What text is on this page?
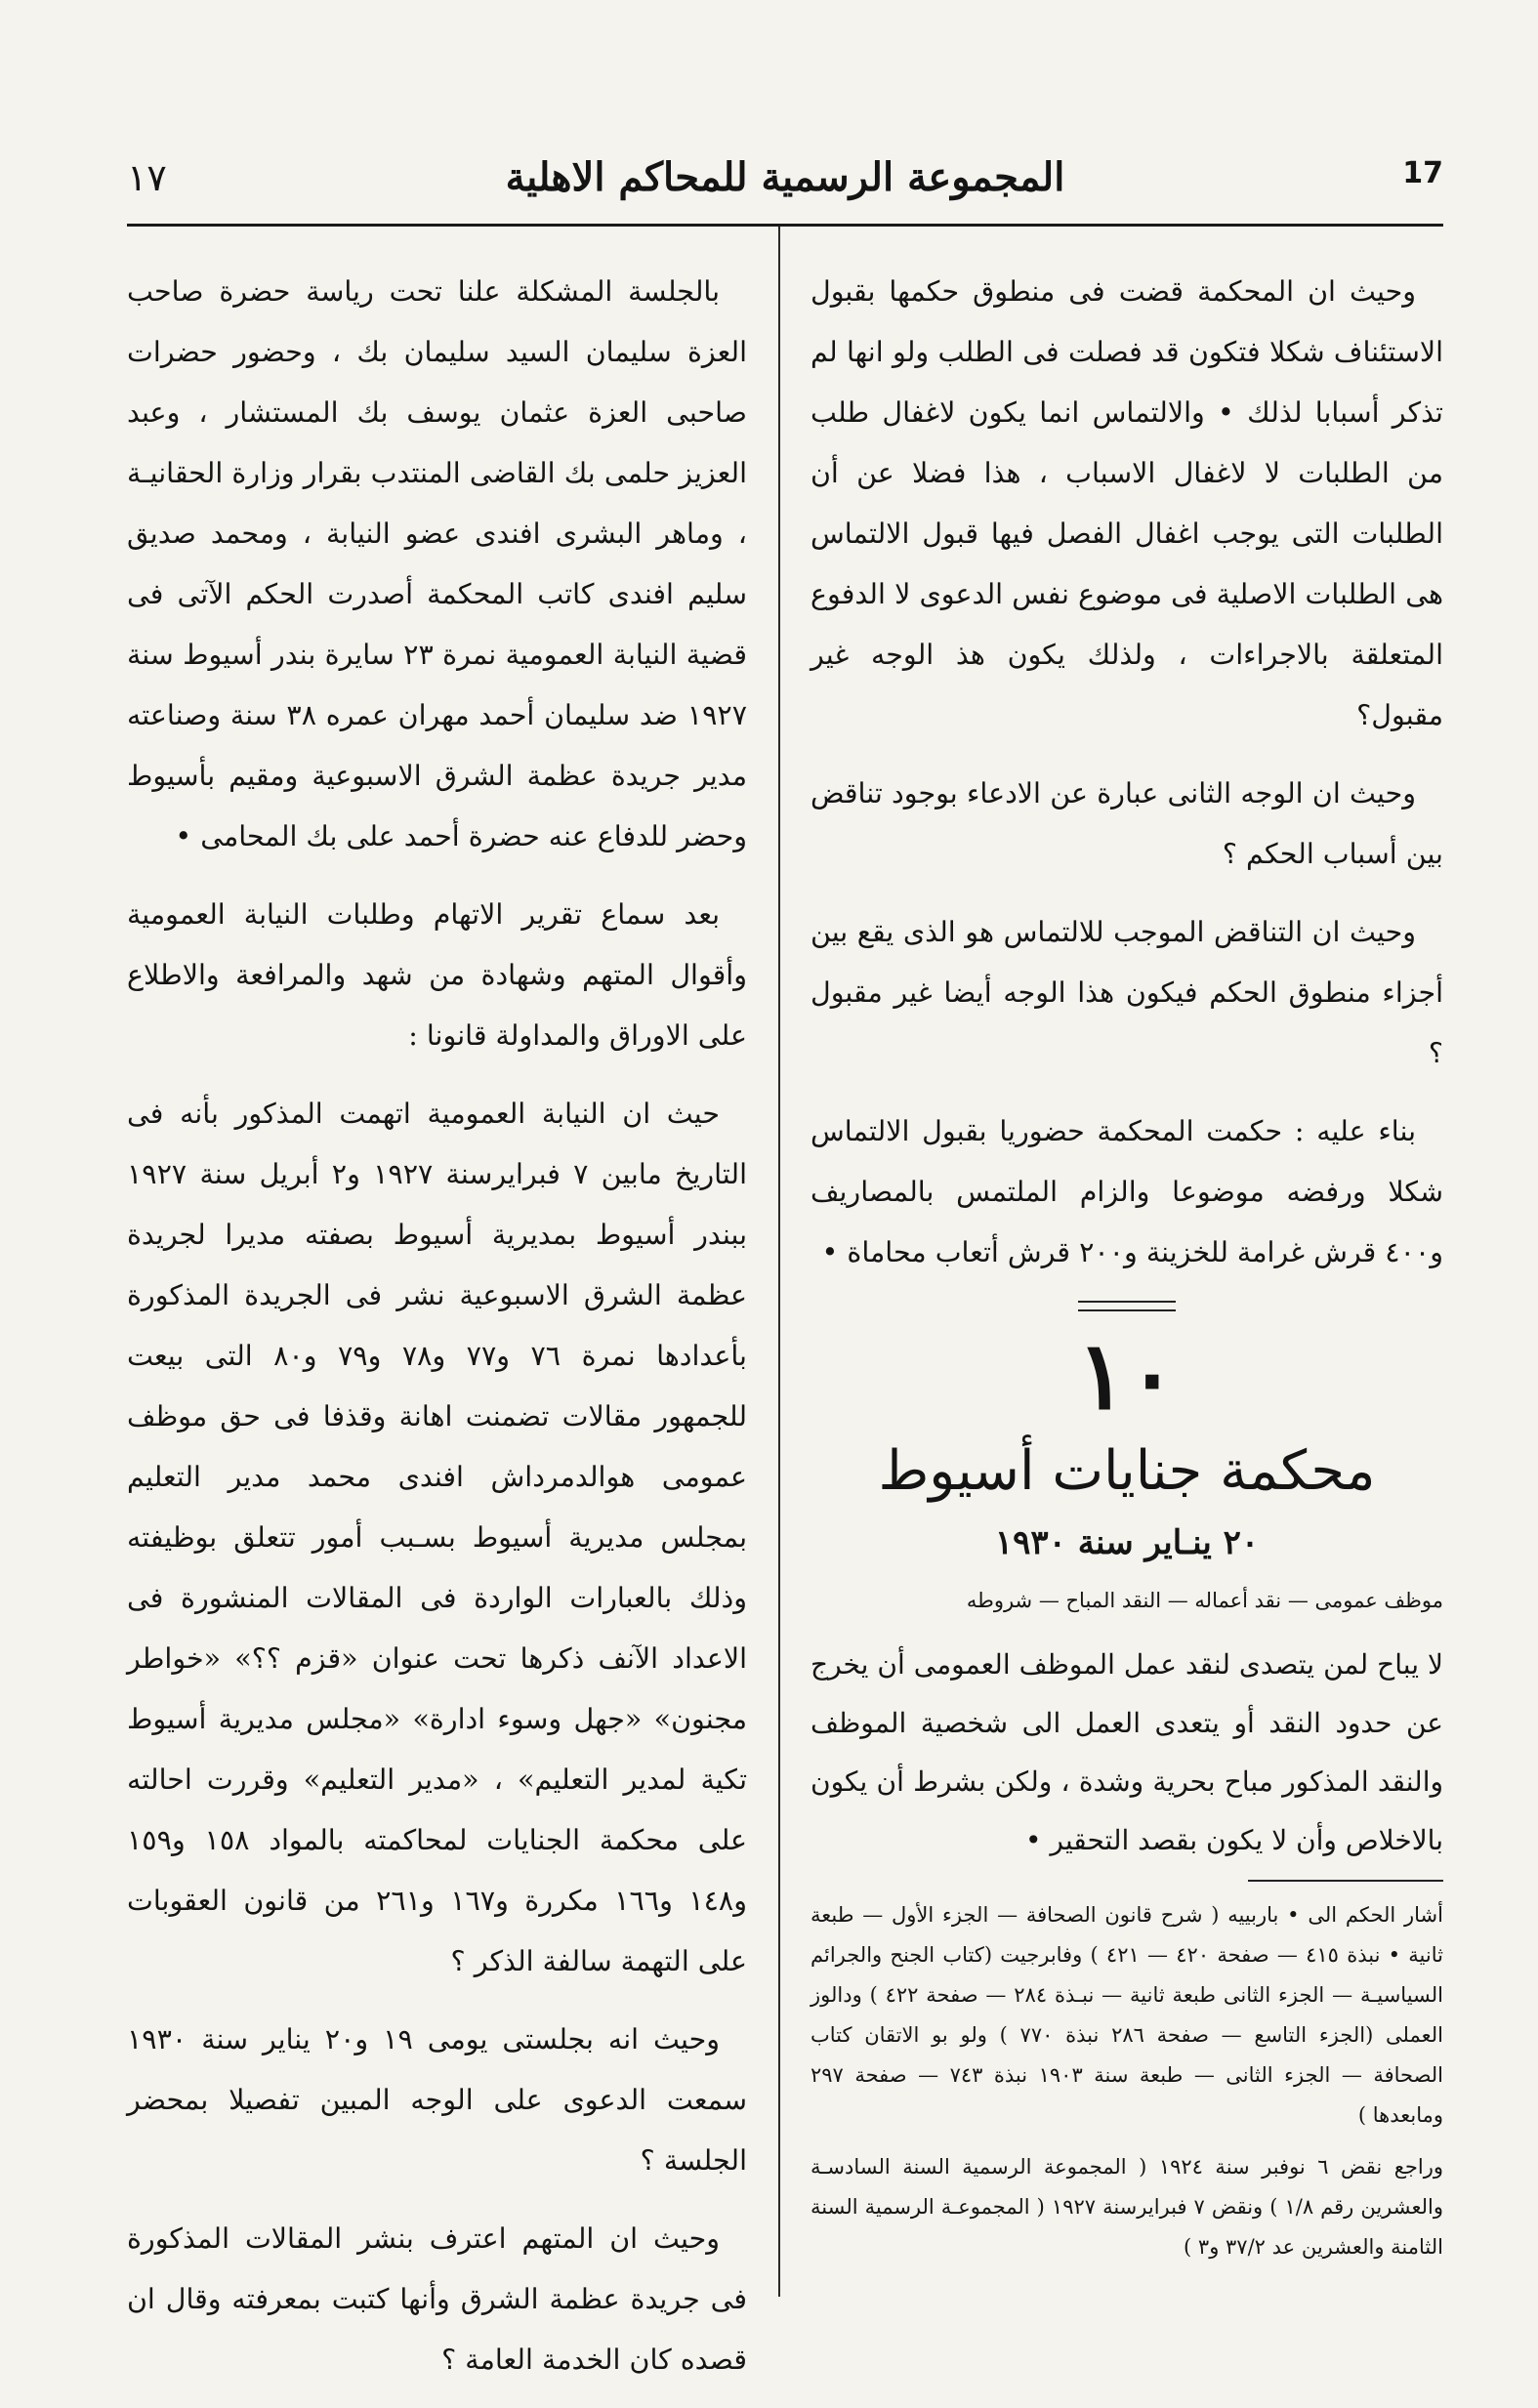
١٧	المجموعة الرسمية للمحاكم الاهلية	17

وحيث ان المحكمة قضت فى منطوق حكمها بقبول الاستئناف شكلا فتكون قد فصلت فى الطلب ولو انها لم تذكر أسبابا لذلك • والالتماس انما يكون لاغفال طلب من الطلبات لا لاغفال الاسباب ، هذا فضلا عن أن الطلبات التى يوجب اغفال الفصل فيها قبول الالتماس هى الطلبات الاصلية فى موضوع نفس الدعوى لا الدفوع المتعلقة بالاجراءات ، ولذلك يكون هذ الوجه غير مقبول؟

وحيث ان الوجه الثانى عبارة عن الادعاء بوجود تناقض بين أسباب الحكم ؟

وحيث ان التناقض الموجب للالتماس هو الذى يقع بين أجزاء منطوق الحكم فيكون هذا الوجه أيضا غير مقبول ؟

بناء عليه : حكمت المحكمة حضوريا بقبول الالتماس شكلا ورفضه موضوعا والزام الملتمس بالمصاريف و٤٠٠ قرش غرامة للخزينة و٢٠٠ قرش أتعاب محاماة •

١٠
محكمة جنايات أسيوط
٢٠ ينـاير سنة ١٩٣٠
موظف عمومى — نقد أعماله — النقد المباح — شروطه

لا يباح لمن يتصدى لنقد عمل الموظف العمومى أن يخرج عن حدود النقد أو يتعدى العمل الى شخصية الموظف والنقد المذكور مباح بحرية وشدة ، ولكن بشرط أن يكون بالاخلاص وأن لا يكون بقصد التحقير •

أشار الحكم الى • باربييه ( شرح قانون الصحافة — الجزء الأول — طبعة ثانية • نبذة ٤١٥ — صفحة ٤٢٠ — ٤٢١ ) وفابرجيت (كتاب الجنح والجرائم السياسيـة — الجزء الثانى طبعة ثانية — نبـذة ٢٨٤ — صفحة ٤٢٢ ) ودالوز العملى (الجزء التاسع — صفحة ٢٨٦ نبذة ٧٧٠ ) ولو بو الاتقان كتاب الصحافة — الجزء الثانى — طبعة سنة ١٩٠٣ نبذة ٧٤٣ — صفحة ٢٩٧ ومابعدها )

وراجع نقض ٦ نوفبر سنة ١٩٢٤ ( المجموعة الرسمية السنة السادسـة والعشرين رقم ١/٨ ) ونقض ٧ فبرايرسنة ١٩٢٧ ( المجموعـة الرسمية السنة الثامنة والعشرين عد ٣٧/٢ و٣ )

بالجلسة المشكلة علنا تحت رياسة حضرة صاحب العزة سليمان السيد سليمان بك ، وحضور حضرات صاحبى العزة عثمان يوسف بك المستشار ، وعبد العزيز حلمى بك القاضى المنتدب بقرار وزارة الحقانيـة ، وماهر البشرى افندى عضو النيابة ، ومحمد صديق سليم افندى كاتب المحكمة أصدرت الحكم الآتى فى قضية النيابة العمومية نمرة ٢٣ سايرة بندر أسيوط سنة ١٩٢٧ ضد سليمان أحمد مهران عمره ٣٨ سنة وصناعته مدير جريدة عظمة الشرق الاسبوعية ومقيم بأسيوط وحضر للدفاع عنه حضرة أحمد على بك المحامى •

بعد سماع تقرير الاتهام وطلبات النيابة العمومية وأقوال المتهم وشهادة من شهد والمرافعة والاطلاع على الاوراق والمداولة قانونا :

حيث ان النيابة العمومية اتهمت المذكور بأنه فى التاريخ مابين ٧ فبرايرسنة ١٩٢٧ و٢ أبريل سنة ١٩٢٧ ببندر أسيوط بمديرية أسيوط بصفته مديرا لجريدة عظمة الشرق الاسبوعية نشر فى الجريدة المذكورة بأعدادها نمرة ٧٦ و٧٧ و٧٨ و٧٩ و٨٠ التى بيعت للجمهور مقالات تضمنت اهانة وقذفا فى حق موظف عمومى هوالدمرداش افندى محمد مدير التعليم بمجلس مديرية أسيوط بسـبب أمور تتعلق بوظيفته وذلك بالعبارات الواردة فى المقالات المنشورة فى الاعداد الآنف ذكرها تحت عنوان «قزم ؟؟» «خواطر مجنون» «جهل وسوء ادارة» «مجلس مديرية أسيوط تكية لمدير التعليم» ، «مدير التعليم» وقررت احالته على محكمة الجنايات لمحاكمته بالمواد ١٥٨ و١٥٩ و١٤٨ و١٦٦ مكررة و١٦٧ و٢٦١ من قانون العقوبات على التهمة سالفة الذكر ؟

وحيث انه بجلستى يومى ١٩ و٢٠ يناير سنة ١٩٣٠ سمعت الدعوى على الوجه المبين تفصيلا بمحضر الجلسة ؟

وحيث ان المتهم اعترف بنشر المقالات المذكورة فى جريدة عظمة الشرق وأنها كتبت بمعرفته وقال ان قصده كان الخدمة العامة ؟
